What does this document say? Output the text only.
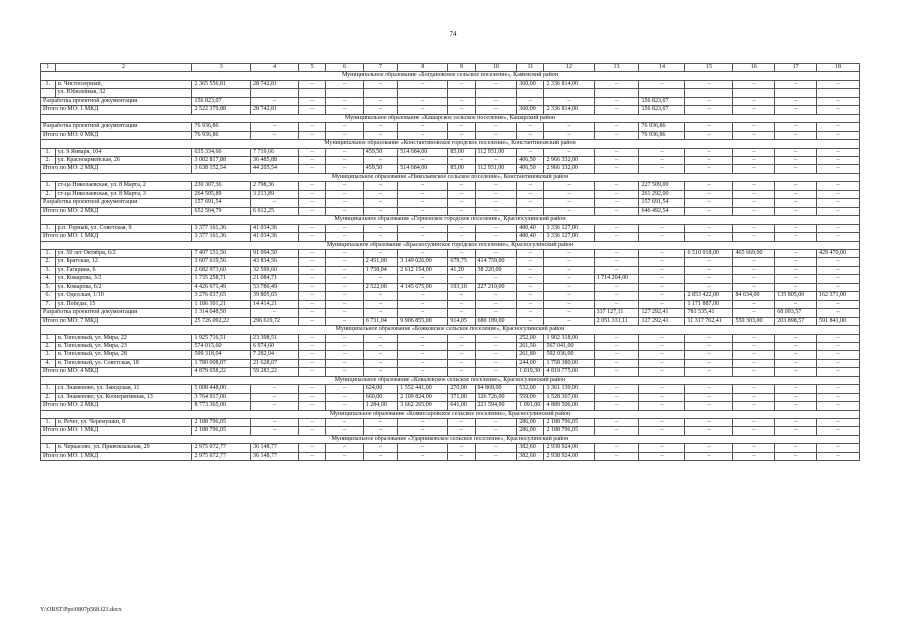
74
1	2	3	4	5	6	7	8	9	10	11	12	13	14	15	16	17	18
Муниципальное образование «Богдановское сельское поселение», Каменский район																	
1.	п. Чистоозерный,	2 365 556,81	28 742,81	–	–	–	–	–	–	360,00	2 336 814,00	–	–	–	–	–	–
	ул. Юбилейная, 32																
Разработка проектной документации		156 823,07	–	–	–	–	–	–	–	–	–	–	156 823,07	–	–	–	–
Итого по МО: 1 МКД		2 522 379,88	28 742,81	–	–	–	–	–	–	360,00	2 336 814,00	–	156 823,07	–	–	–	–
Муниципальное образование «Кашарское сельское поселение», Кашарский район																	
Разработка проектной документации		76 936,86	–	–	–	–	–	–	–	–	–	–	76 936,86	–	–	–	–
Итого по МО: 0 МКД		76 936,86	–	–	–	–	–	–	–	–	–	–	76 936,86	–	–	–	–
Муниципальное образование «Константиновское городское поселение», Константиновский район																	
1.	ул. 9 Января, 104	635 334,66	7 719,66	–	–	459,50	514 684,00	85,00	112 931,00	–	–	–	–	–	–	–	–
2.	ул. Красноармейская, 26	3 002 817,88	36 485,88	–	–	–	–	–	–	406,50	2 966 332,00	–	–	–	–	–	–
Итого по МО: 2 МКД		3 638 152,54	44 205,54	–	–	459,50	514 684,00	85,00	112 931,00	406,50	2 966 332,00	–	–	–	–	–	–
Муниципальное образование «Николаевское сельское поселение», Константиновский район																	
1.	ст-ца Николаевская, ул. 8 Марта, 2	230 307,36	2 798,36	–	–	–	–	–	–	–	–	–	227 509,00	–	–	–	–
2.	ст-ца Николаевская, ул. 8 Марта, 3	264 505,89	3 213,89	–	–	–	–	–	–	–	–	–	261 292,00	–	–	–	–
Разработка проектной документации		157 691,54	–	–	–	–	–	–	–	–	–	–	157 691,54	–	–	–	–
Итого по МО: 2 МКД		652 504,79	6 012,25	–	–	–	–	–	–	–	–	–	646 492,54	–	–	–	–
Муниципальное образование «Горненское городское поселение», Красносулинский район																	
1.	р.п. Горный, ул. Советская, 9	3 377 161,36	41 034,36	–	–	–	–	–	–	480,40	3 336 127,00	–	–	–	–	–	–
Итого по МО: 1 МКД		3 377 161,36	41 034,36	–	–	–	–	–	–	480,40	3 336 127,00	–	–	–	–	–	–
Муниципальное образование «Красносулинское городское поселение», Красносулинский район																	
1.	ул. 50 лет Октября, 6/2	7 497 151,50	91 094,50	–	–	–	–	–	–	–	–	–	–	6 510 918,00	465 669,00	–	429 470,00
2.	ул. Братская, 12	3 607 619,56	43 834,56	–	–	2 451,00	3 149 026,00	679,75	414 759,00	–	–	–	–	–	–	–	–
3.	ул. Гагарина, 6	2 682 973,60	32 599,60	–	–	1 758,04	2 612 154,00	41,20	38 220,00	–	–	–	–	–	–	–	–
4.	ул. Комарова, 3/3	1 735 258,71	21 084,71	–	–	–	–	–	–	–	–	1 714 204,00	–	–	–	–	–
5.	ул. Комарова, 6/2	4 426 671,49	53 786,49	–	–	2 522,00	4 145 675,00	193,10	227 210,00	–	–	–	–	–	–	–	–
6.	ул. Одесская, 1/10	3 276 037,65	39 805,65	–	–	–	–	–	–	–	–	–	–	2 853 422,00	84 634,00	135 805,00	162 371,00
7.	ул. Победы, 15	1 186 301,21	14 414,21	–	–	–	–	–	–	–	–	–	–	1 171 887,00	–	–	–
Разработка проектной документации		1 314 048,50	–	–	–	–	–	–	–	–	–	337 127,11	127 292,41	781 535,41	–	68 093,57	–
Итого по МО: 7 МКД		25 726 092,22	296 619,72	–	–	6 731,04	9 906 855,00	914,05	680 189,00	–	–	2 051 331,11	127 292,41	11 317 762,41	550 303,00	203 898,57	591 841,00
Муниципальное образование «Божковское сельское поселение», Красносулинский район																	
1.	п. Тополевый, ул. Мира, 22	1 925 716,51	23 398,51	–	–	–	–	–	–	252,00	1 902 318,00	–	–	–	–	–	–
2.	п. Тополевый, ул. Мира, 23	574 015,60	6 974,60	–	–	–	–	–	–	261,50	567 041,00	–	–	–	–	–	–
3.	п. Тополевый, ул. Мира, 28	599 318,04	7 282,04	–	–	–	–	–	–	261,80	592 036,00	–	–	–	–	–	–
4.	п. Тополевый, ул. Советская, 18	1 780 008,07	21 628,07	–	–	–	–	–	–	244,00	1 758 380,00	–	–	–	–	–	–
Итого по МО: 4 МКД		4 879 058,22	59 283,22	–	–	–	–	–	–	1 019,30	4 819 775,00	–	–	–	–	–	–
Муниципальное образование «Ковалевское сельское поселение», Красносулинский район																	
1.	сл. Знаменово, ул. Заводская, 11	5 008 448,00	–	–	–	624,00	1 552 441,00	270,00	94 868,00	532,00	3 361 139,00	–	–	–	–	–	–
2.	сл. Знаменово, ул. Кооперативная, 13	3 764 917,00	–	–	–	660,00	2 109 824,00	371,00	126 726,00	559,00	1 528 367,00	–	–	–	–	–	–
Итого по МО: 2 МКД		8 773 365,00	–	–	–	1 284,00	3 662 265,00	641,00	221 594,00	1 091,00	4 889 506,00	–	–	–	–	–	–
Муниципальное образование «Комиссаровское сельское поселение», Красносулинский район																	
1.	п. Речет, ул. Черемушки, 8	2 188 796,05	–	–	–	–	–	–	–	286,00	2 188 796,05	–	–	–	–	–	–
Итого по МО: 1 МКД		2 188 796,05	–	–	–	–	–	–	–	286,00	2 188 796,05	–	–	–	–	–	–
Муниципальное образование «Ударниковское сельское поселение», Красносулинский район																	
1.	п. Черкасово, ул. Привокзальная, 29	2 975 072,77	36 148,77	–	–	–	–	–	–	382,60	2 938 924,00	–	–	–	–	–	–
Итого по МО: 1 МКД		2 975 072,77	36 148,77	–	–	–	–	–	–	382,60	2 938 924,00	–	–	–	–	–	–
Y:\ORST\Ppo\0807p568.f23.docx
